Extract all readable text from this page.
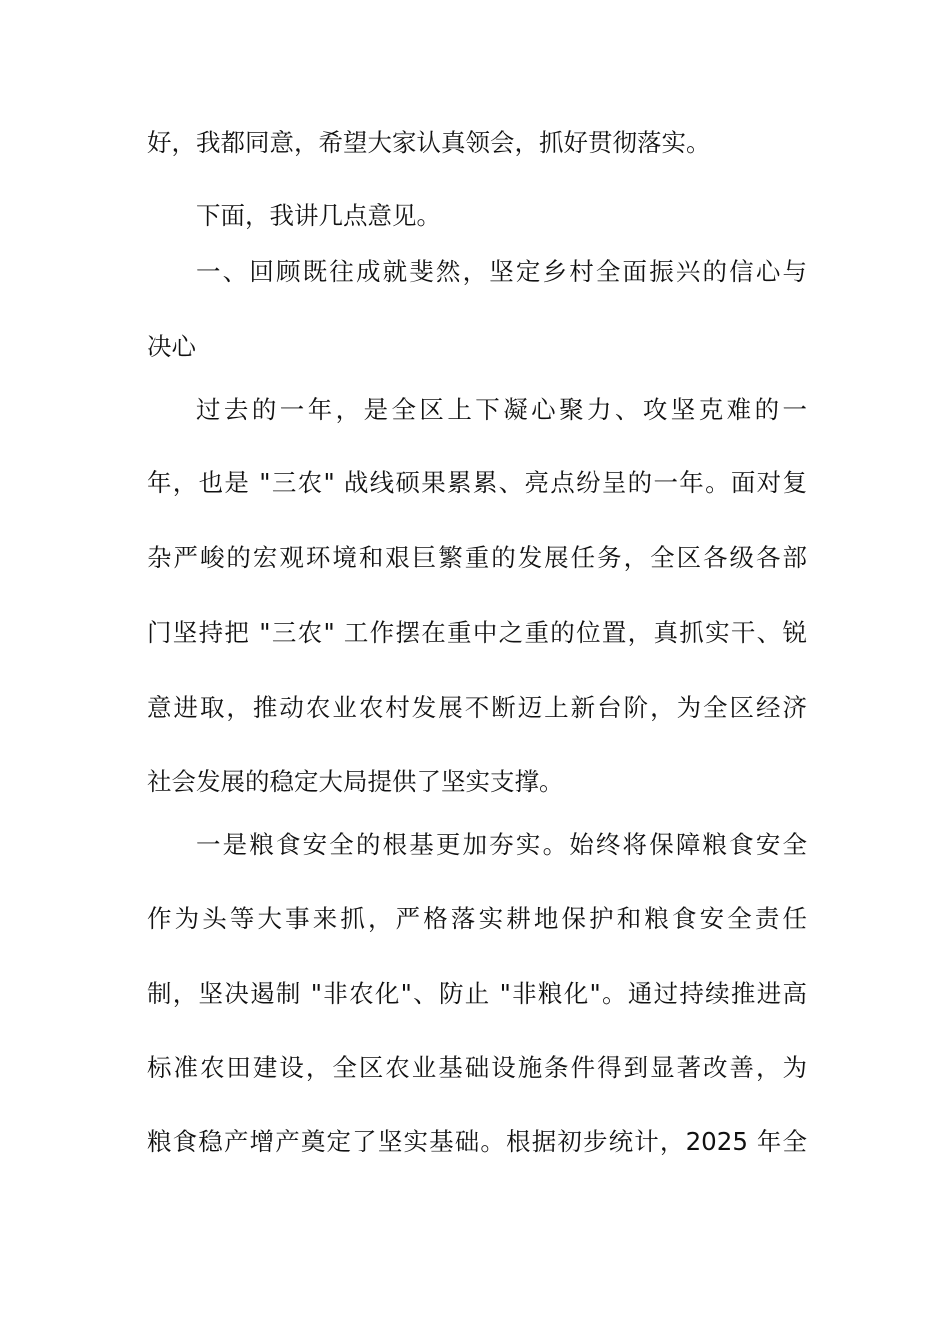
好，我都同意，希望大家认真领会，抓好贯彻落实。
下面，我讲几点意见。
一、回顾既往成就斐然，坚定乡村全面振兴的信心与
决心
过去的一年，是全区上下凝心聚力、攻坚克难的一
年，也是 "三农" 战线硕果累累、亮点纷呈的一年。面对复
杂严峻的宏观环境和艰巨繁重的发展任务，全区各级各部
门坚持把 "三农" 工作摆在重中之重的位置，真抓实干、锐
意进取，推动农业农村发展不断迈上新台阶，为全区经济
社会发展的稳定大局提供了坚实支撑。
一是粮食安全的根基更加夯实。始终将保障粮食安全
作为头等大事来抓，严格落实耕地保护和粮食安全责任
制，坚决遏制 "非农化"、防止 "非粮化"。通过持续推进高
标准农田建设，全区农业基础设施条件得到显著改善，为
粮食稳产增产奠定了坚实基础。根据初步统计，2025 年全
